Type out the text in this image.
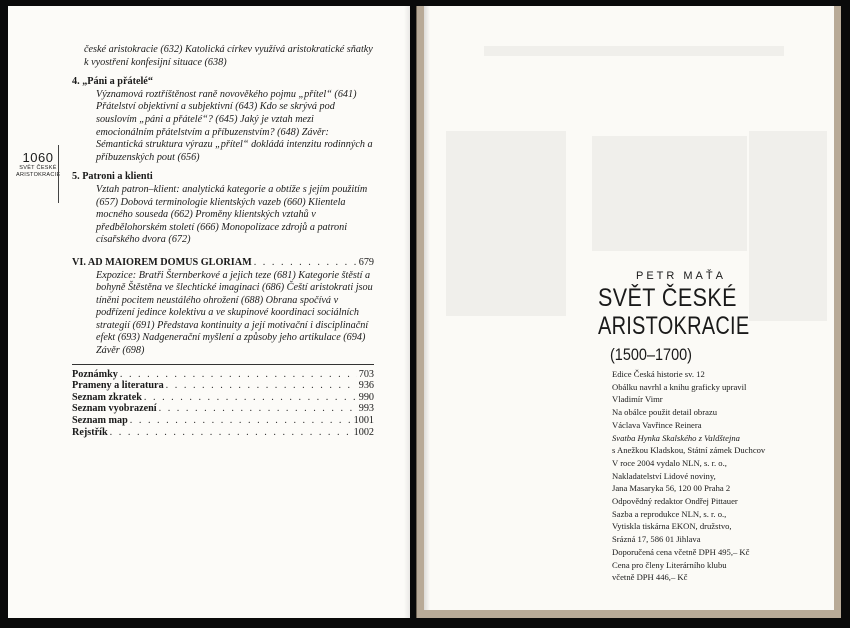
1060
SVĚT ČESKÉ
ARISTOKRACIE
české aristokracie (632) Katolická církev využívá aristokratické sňatky k vyostření konfesijní situace (638)
4. „Páni a přátelé“
Významová roztříštěnost raně novověkého pojmu „přítel“ (641) Přátelství objektivní a subjektivní (643) Kdo se skrývá pod souslovím „páni a přátelé“? (645) Jaký je vztah mezi emocionálním přátelstvím a příbuzenstvím? (648) Závěr: Sémantická struktura výrazu „přítel“ dokládá intenzitu rodinných a příbuzenských pout (656)
5. Patroni a klienti
Vztah patron–klient: analytická kategorie a obtíže s jejím použitím (657) Dobová terminologie klientských vazeb (660) Klientela mocného souseda (662) Proměny klientských vztahů v předbělohorském století (666) Monopolizace zdrojů a patroni císařského dvora (672)
VI. AD MAIOREM DOMUS GLORIAM . . .	679
Expozice: Bratři Šternberkové a jejich teze (681) Kategorie štěstí a bohyně Štěstěna ve šlechtické imaginaci (686) Čeští aristokrati jsou tíněni pocitem neustálého ohrožení (688) Obrana spočívá v podřízení jedince kolektivu a ve skupinové koordinaci sociálních strategií (691) Představa kontinuity a její motivační i disciplinační efekt (693) Nadgenerační myšlení a způsoby jeho artikulace (694) Závěr (698)
Poznámky . . .	703
Prameny a literatura . . .	936
Seznam zkratek . . .	990
Seznam vyobrazení . . .	993
Seznam map . . .	1001
Rejstřík . . .	1002
PETR MAŤA
SVĚT ČESKÉ
ARISTOKRACIE
(1500–1700)
Edice Česká historie sv. 12
Obálku navrhl a knihu graficky upravil
Vladimír Vimr
Na obálce použit detail obrazu
Václava Vavřince Reinera
Svatba Hynka Skalského z Valdštejna
s Anežkou Kladskou, Státní zámek Duchcov
V roce 2004 vydalo NLN, s. r. o.,
Nakladatelství Lidové noviny,
Jana Masaryka 56, 120 00 Praha 2
Odpovědný redaktor Ondřej Pittauer
Sazba a reprodukce NLN, s. r. o.,
Vytiskla tiskárna EKON, družstvo,
Srázná 17, 586 01 Jihlava
Doporučená cena včetně DPH 495,– Kč
Cena pro členy Literárního klubu
včetně DPH 446,– Kč
